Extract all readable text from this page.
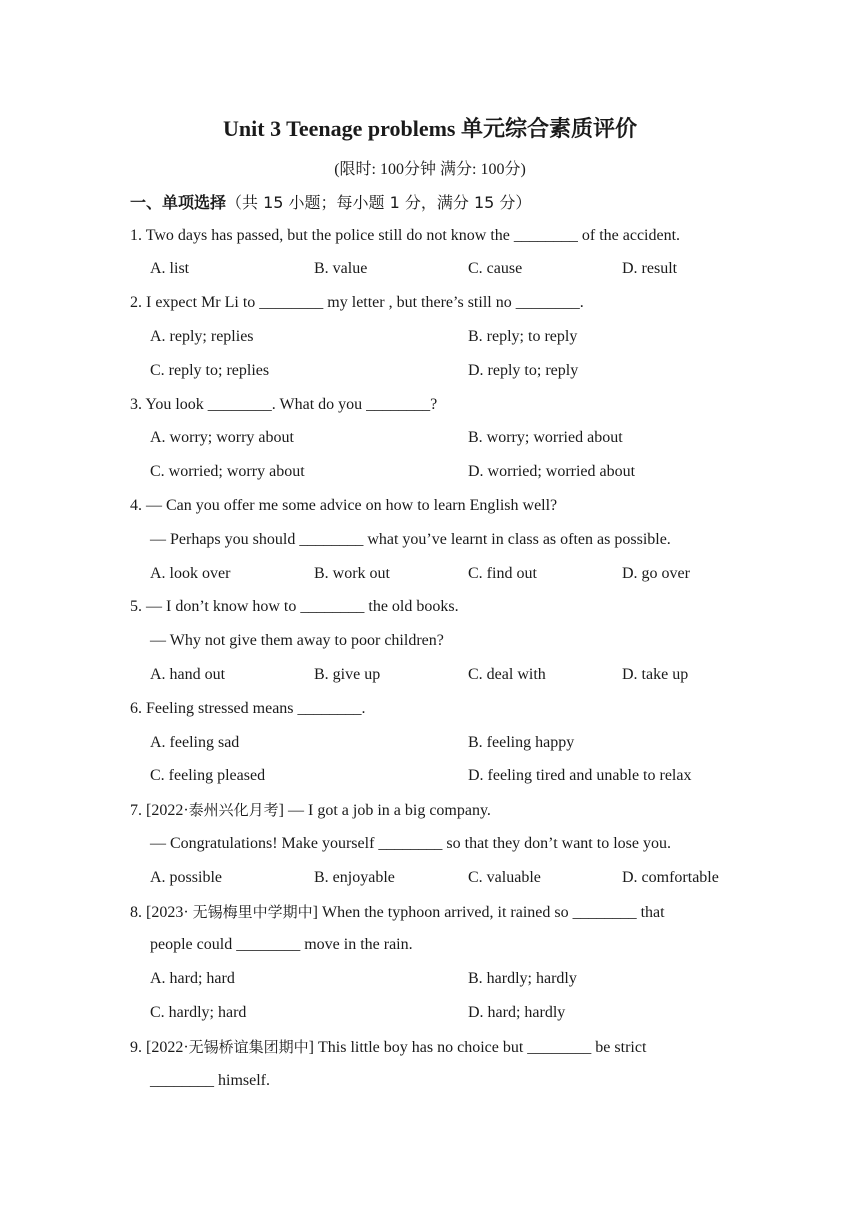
Unit 3 Teenage problems 单元综合素质评价
(限时: 100分钟 满分: 100分)
一、单项选择（共 15 小题；每小题 1 分，满分 15 分）
1. Two days has passed, but the police still do not know the ________ of the accident.
A. list	B. value	C. cause	D. result
2. I expect Mr Li to ________ my letter , but there’s still no ________.
A. reply; replies	B. reply; to reply
C. reply to; replies	D. reply to; reply
3. You look ________. What do you ________?
A. worry; worry about	B. worry; worried about
C. worried; worry about	D. worried; worried about
4. — Can you offer me some advice on how to learn English well?
— Perhaps you should ________ what you’ve learnt in class as often as possible.
A. look over	B. work out	C. find out	D. go over
5. — I don’t know how to ________ the old books.
— Why not give them away to poor children?
A. hand out	B. give up	C. deal with	D. take up
6. Feeling stressed means ________.
A. feeling sad	B. feeling happy
C. feeling pleased	D. feeling tired and unable to relax
7. [2022·泰州兴化月考] — I got a job in a big company.
— Congratulations! Make yourself ________ so that they don’t want to lose you.
A. possible	B. enjoyable	C. valuable	D. comfortable
8. [2023· 无锡梅里中学期中] When the typhoon arrived, it rained so ________ that
people could ________ move in the rain.
A. hard; hard	B. hardly; hardly
C. hardly; hard	D. hard; hardly
9. [2022·无锡桥谊集团期中] This little boy has no choice but ________ be strict
________ himself.
